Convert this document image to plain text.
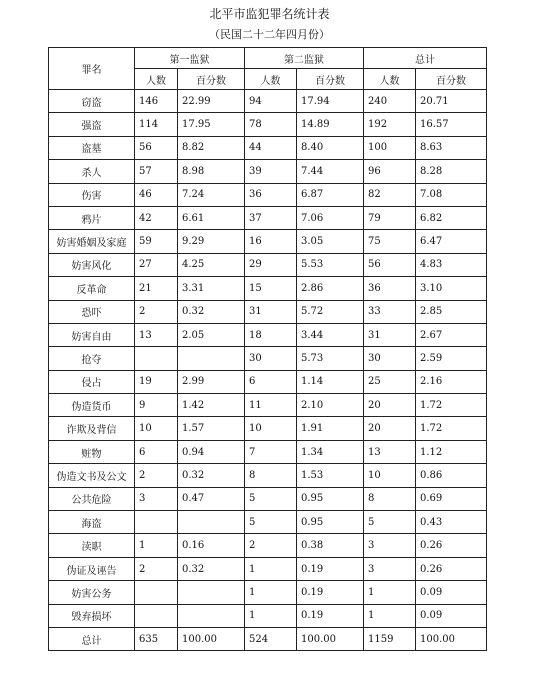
北平市监犯罪名统计表
（民国二十二年四月份）
罪名	第一监狱		第二监狱		总计	
	人数	百分数	人数	百分数	人数	百分数
窃盗	146	22.99	94	17.94	240	20.71
强盗	114	17.95	78	14.89	192	16.57
盗墓	56	8.82	44	8.40	100	8.63
杀人	57	8.98	39	7.44	96	8.28
伤害	46	7.24	36	6.87	82	7.08
鸦片	42	6.61	37	7.06	79	6.82
妨害婚姻及家庭	59	9.29	16	3.05	75	6.47
妨害风化	27	4.25	29	5.53	56	4.83
反革命	21	3.31	15	2.86	36	3.10
恐吓	2	0.32	31	5.72	33	2.85
妨害自由	13	2.05	18	3.44	31	2.67
抢夺			30	5.73	30	2.59
侵占	19	2.99	6	1.14	25	2.16
伪造货币	9	1.42	11	2.10	20	1.72
诈欺及背信	10	1.57	10	1.91	20	1.72
赃物	6	0.94	7	1.34	13	1.12
伪造文书及公文	2	0.32	8	1.53	10	0.86
公共危险	3	0.47	5	0.95	8	0.69
海盗			5	0.95	5	0.43
渎职	1	0.16	2	0.38	3	0.26
伪证及诬告	2	0.32	1	0.19	3	0.26
妨害公务			1	0.19	1	0.09
毁弃损坏			1	0.19	1	0.09
总计	635	100.00	524	100.00	1159	100.00
